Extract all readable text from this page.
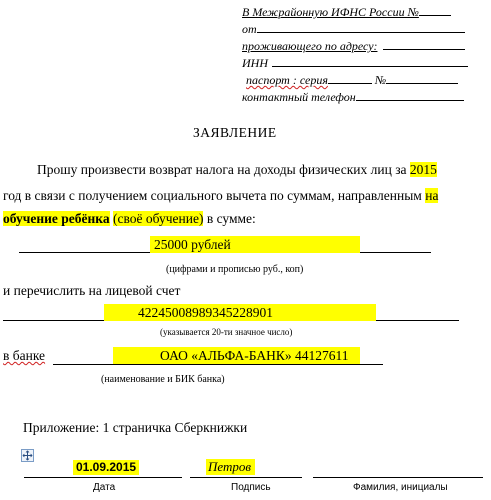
В Межрайонную ИФНС России №
от
проживающего по адресу:
ИНН
паспорт : серия	№
контактный телефон
ЗАЯВЛЕНИЕ
Прошу произвести возврат налога на доходы физических лиц за 2015
год в связи с получением социального вычета по суммам, направленным на
обучение ребёнка (своё обучение) в сумме:
25000 рублей
(цифрами и прописью руб., коп)
и перечислить на лицевой счет
42245008989345228901
(указывается 20-ти значное число)
в банке	ОАО «АЛЬФА-БАНК» 44127611
(наименование и БИК банка)
Приложение: 1 страничка Сберкнижки
01.09.2015	Петров
Дата	Подпись	Фамилия, инициалы
